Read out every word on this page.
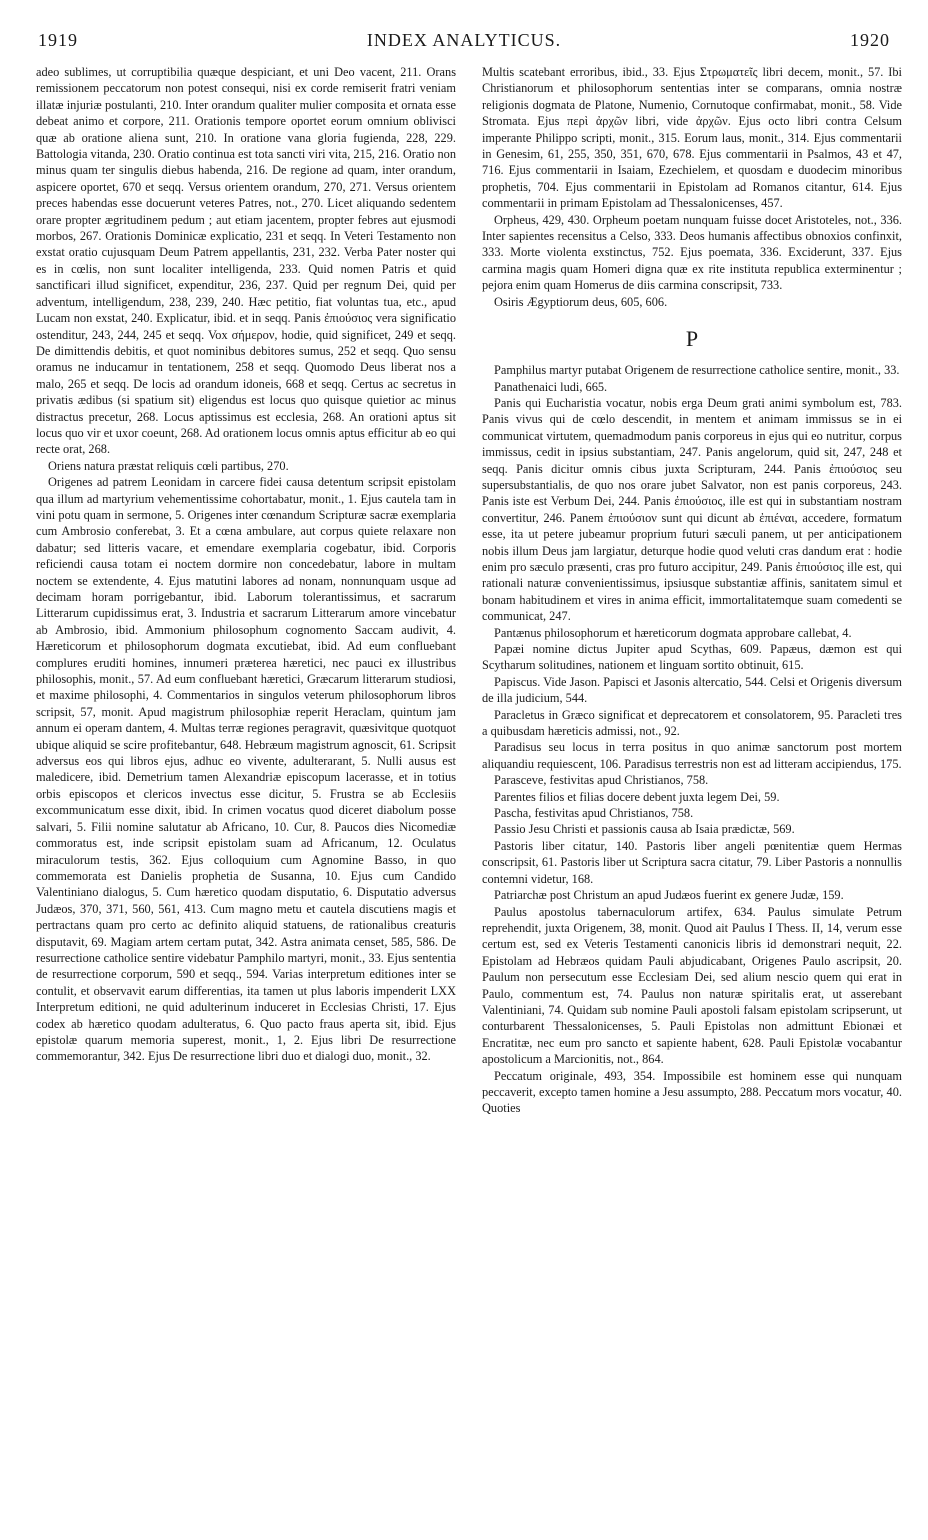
1919	INDEX ANALYTICUS.	1920

adeo sublimes, ut corruptibilia quæque despiciant, et uni Deo vacent, 211. Orans remissionem peccatorum non potest consequi, nisi ex corde remiserit fratri veniam illatæ injuriæ postulanti, 210. Inter orandum qualiter mulier composita et ornata esse debeat animo et corpore, 211. Orationis tempore oportet eorum omnium oblivisci quæ ab oratione aliena sunt, 210. In oratione vana gloria fugienda, 228, 229. Battologia vitanda, 230. Oratio continua est tota sancti viri vita, 215, 216. Oratio non minus quam ter singulis diebus habenda, 216. De regione ad quam, inter orandum, aspicere oportet, 670 et seqq. Versus orientem orandum, 270, 271. Versus orientem preces habendas esse docuerunt veteres Patres, not., 270. Licet aliquando sedentem orare propter ægritudinem pedum ; aut etiam jacentem, propter febres aut ejusmodi morbos, 267. Orationis Dominicæ explicatio, 231 et seqq. In Veteri Testamento non exstat oratio cujusquam Deum Patrem appellantis, 231, 232. Verba Pater noster qui es in cœlis, non sunt localiter intelligenda, 233. Quid nomen Patris et quid sanctificari illud significet, expenditur, 236, 237. Quid per regnum Dei, quid per adventum, intelligendum, 238, 239, 240. Hæc petitio, fiat voluntas tua, etc., apud Lucam non exstat, 240. Explicatur, ibid. et in seqq. Panis ἐπιούσιος vera significatio ostenditur, 243, 244, 245 et seqq. Vox σήμερον, hodie, quid significet, 249 et seqq. De dimittendis debitis, et quot nominibus debitores sumus, 252 et seqq. Quo sensu oramus ne inducamur in tentationem, 258 et seqq. Quomodo Deus liberat nos a malo, 265 et seqq. De locis ad orandum idoneis, 668 et seqq. Certus ac secretus in privatis ædibus (si spatium sit) eligendus est locus quo quisque quietior ac minus distractus precetur, 268. Locus aptissimus est ecclesia, 268. An orationi aptus sit locus quo vir et uxor coeunt, 268. Ad orationem locus omnis aptus efficitur ab eo qui recte orat, 268.

Oriens natura præstat reliquis cœli partibus, 270.

Origenes ad patrem Leonidam in carcere fidei causa detentum scripsit epistolam qua illum ad martyrium vehementissime cohortabatur, monit., 1. Ejus cautela tam in vini potu quam in sermone, 5. Origenes inter cœnandum Scripturæ sacræ exemplaria cum Ambrosio conferebat, 3. Et a cœna ambulare, aut corpus quiete relaxare non dabatur; sed litteris vacare, et emendare exemplaria cogebatur, ibid. Corporis reficiendi causa totam ei noctem dormire non concedebatur, labore in multam noctem se extendente, 4. Ejus matutini labores ad nonam, nonnunquam usque ad decimam horam porrigebantur, ibid. Laborum tolerantissimus, et sacrarum Litterarum cupidissimus erat, 3. Industria et sacrarum Litterarum amore vincebatur ab Ambrosio, ibid. Ammonium philosophum cognomento Saccam audivit, 4. Hæreticorum et philosophorum dogmata excutiebat, ibid. Ad eum confluebant complures eruditi homines, innumeri præterea hæretici, nec pauci ex illustribus philosophis, monit., 57. Ad eum confluebant hæretici, Græcarum litterarum studiosi, et maxime philosophi, 4. Commentarios in singulos veterum philosophorum libros scripsit, 57, monit. Apud magistrum philosophiæ reperit Heraclam, quintum jam annum ei operam dantem, 4. Multas terræ regiones peragravit, quæsivitque quotquot ubique aliquid se scire profitebantur, 648. Hebræum magistrum agnoscit, 61. Scripsit adversus eos qui libros ejus, adhuc eo vivente, adulterarant, 5. Nulli ausus est maledicere, ibid. Demetrium tamen Alexandriæ episcopum lacerasse, et in totius orbis episcopos et clericos invectus esse dicitur, 5. Frustra se ab Ecclesiis excommunicatum esse dixit, ibid. In crimen vocatus quod diceret diabolum posse salvari, 5. Filii nomine salutatur ab Africano, 10. Cur, 8. Paucos dies Nicomediæ commoratus est, inde scripsit epistolam suam ad Africanum, 12. Oculatus miraculorum testis, 362. Ejus colloquium cum Agnomine Basso, in quo commemorata est Danielis prophetia de Susanna, 10. Ejus cum Candido Valentiniano dialogus, 5. Cum hæretico quodam disputatio, 6. Disputatio adversus Judæos, 370, 371, 560, 561, 413. Cum magno metu et cautela discutiens magis et pertractans quam pro certo ac definito aliquid statuens, de rationalibus creaturis disputavit, 69. Magiam artem certam putat, 342. Astra animata censet, 585, 586. De resurrectione catholice sentire videbatur Pamphilo martyri, monit., 33. Ejus sententia de resurrectione corporum, 590 et seqq., 594. Varias interpretum editiones inter se contulit, et observavit earum differentias, ita tamen ut plus laboris impenderit LXX Interpretum editioni, ne quid adulterinum induceret in Ecclesias Christi, 17. Ejus codex ab hæretico quodam adulteratus, 6. Quo pacto fraus aperta sit, ibid. Ejus epistolæ quarum memoria superest, monit., 1, 2. Ejus libri De resurrectione commemorantur, 342. Ejus De resurrectione libri duo et dialogi duo, monit., 32.

Multis scatebant erroribus, ibid., 33. Ejus Στρωματεῖς libri decem, monit., 57. Ibi Christianorum et philosophorum sententias inter se comparans, omnia nostræ religionis dogmata de Platone, Numenio, Cornutoque confirmabat, monit., 58. Vide Stromata. Ejus περὶ ἀρχῶν libri, vide ἀρχῶν. Ejus octo libri contra Celsum imperante Philippo scripti, monit., 315. Eorum laus, monit., 314. Ejus commentarii in Genesim, 61, 255, 350, 351, 670, 678. Ejus commentarii in Psalmos, 43 et 47, 716. Ejus commentarii in Isaiam, Ezechielem, et quosdam e duodecim minoribus prophetis, 704. Ejus commentarii in Epistolam ad Romanos citantur, 614. Ejus commentarii in primam Epistolam ad Thessalonicenses, 457.

Orpheus, 429, 430. Orpheum poetam nunquam fuisse docet Aristoteles, not., 336. Inter sapientes recensitus a Celso, 333. Deos humanis affectibus obnoxios confinxit, 333. Morte violenta exstinctus, 752. Ejus poemata, 336. Exciderunt, 337. Ejus carmina magis quam Homeri digna quæ ex rite instituta republica exterminentur ; pejora enim quam Homerus de diis carmina conscripsit, 733.

Osiris Ægyptiorum deus, 605, 606.

P

Pamphilus martyr putabat Origenem de resurrectione catholice sentire, monit., 33.

Panathenaici ludi, 665.

Panis qui Eucharistia vocatur, nobis erga Deum grati animi symbolum est, 783. Panis vivus qui de cœlo descendit, in mentem et animam immissus se in ei communicat virtutem, quemadmodum panis corporeus in ejus qui eo nutritur, corpus immissus, cedit in ipsius substantiam, 247. Panis angelorum, quid sit, 247, 248 et seqq. Panis dicitur omnis cibus juxta Scripturam, 244. Panis ἐπιούσιος seu supersubstantialis, de quo nos orare jubet Salvator, non est panis corporeus, 243. Panis iste est Verbum Dei, 244. Panis ἐπιούσιος, ille est qui in substantiam nostram convertitur, 246. Panem ἐπιούσιον sunt qui dicunt ab ἐπιέναι, accedere, formatum esse, ita ut petere jubeamur proprium futuri sæculi panem, ut per anticipationem nobis illum Deus jam largiatur, deturque hodie quod veluti cras dandum erat : hodie enim pro sæculo præsenti, cras pro futuro accipitur, 249. Panis ἐπιούσιος ille est, qui rationali naturæ convenientissimus, ipsiusque substantiæ affinis, sanitatem simul et bonam habitudinem et vires in anima efficit, immortalitatemque suam comedenti se communicat, 247.

Pantænus philosophorum et hæreticorum dogmata approbare callebat, 4.

Papæi nomine dictus Jupiter apud Scythas, 609. Papæus, dæmon est qui Scytharum solitudines, nationem et linguam sortito obtinuit, 615.

Papiscus. Vide Jason. Papisci et Jasonis altercatio, 544. Celsi et Origenis diversum de illa judicium, 544.

Paracletus in Græco significat et deprecatorem et consolatorem, 95. Paracleti tres a quibusdam hæreticis admissi, not., 92.

Paradisus seu locus in terra positus in quo animæ sanctorum post mortem aliquandiu requiescent, 106. Paradisus terrestris non est ad litteram accipiendus, 175.

Parasceve, festivitas apud Christianos, 758.

Parentes filios et filias docere debent juxta legem Dei, 59.

Pascha, festivitas apud Christianos, 758.

Passio Jesu Christi et passionis causa ab Isaia prædictæ, 569.

Pastoris liber citatur, 140. Pastoris liber angeli pœnitentiæ quem Hermas conscripsit, 61. Pastoris liber ut Scriptura sacra citatur, 79. Liber Pastoris a nonnullis contemni videtur, 168.

Patriarchæ post Christum an apud Judæos fuerint ex genere Judæ, 159.

Paulus apostolus tabernaculorum artifex, 634. Paulus simulate Petrum reprehendit, juxta Origenem, 38, monit. Quod ait Paulus I Thess. II, 14, verum esse certum est, sed ex Veteris Testamenti canonicis libris id demonstrari nequit, 22. Epistolam ad Hebræos quidam Pauli abjudicabant, Origenes Paulo ascripsit, 20. Paulum non persecutum esse Ecclesiam Dei, sed alium nescio quem qui erat in Paulo, commentum est, 74. Paulus non naturæ spiritalis erat, ut asserebant Valentiniani, 74. Quidam sub nomine Pauli apostoli falsam epistolam scripserunt, ut conturbarent Thessalonicenses, 5. Pauli Epistolas non admittunt Ebionæi et Encratitæ, nec eum pro sancto et sapiente habent, 628. Pauli Epistolæ vocabantur apostolicum a Marcionitis, not., 864.

Peccatum originale, 493, 354. Impossibile est hominem esse qui nunquam peccaverit, excepto tamen homine a Jesu assumpto, 288. Peccatum mors vocatur, 40. Quoties
